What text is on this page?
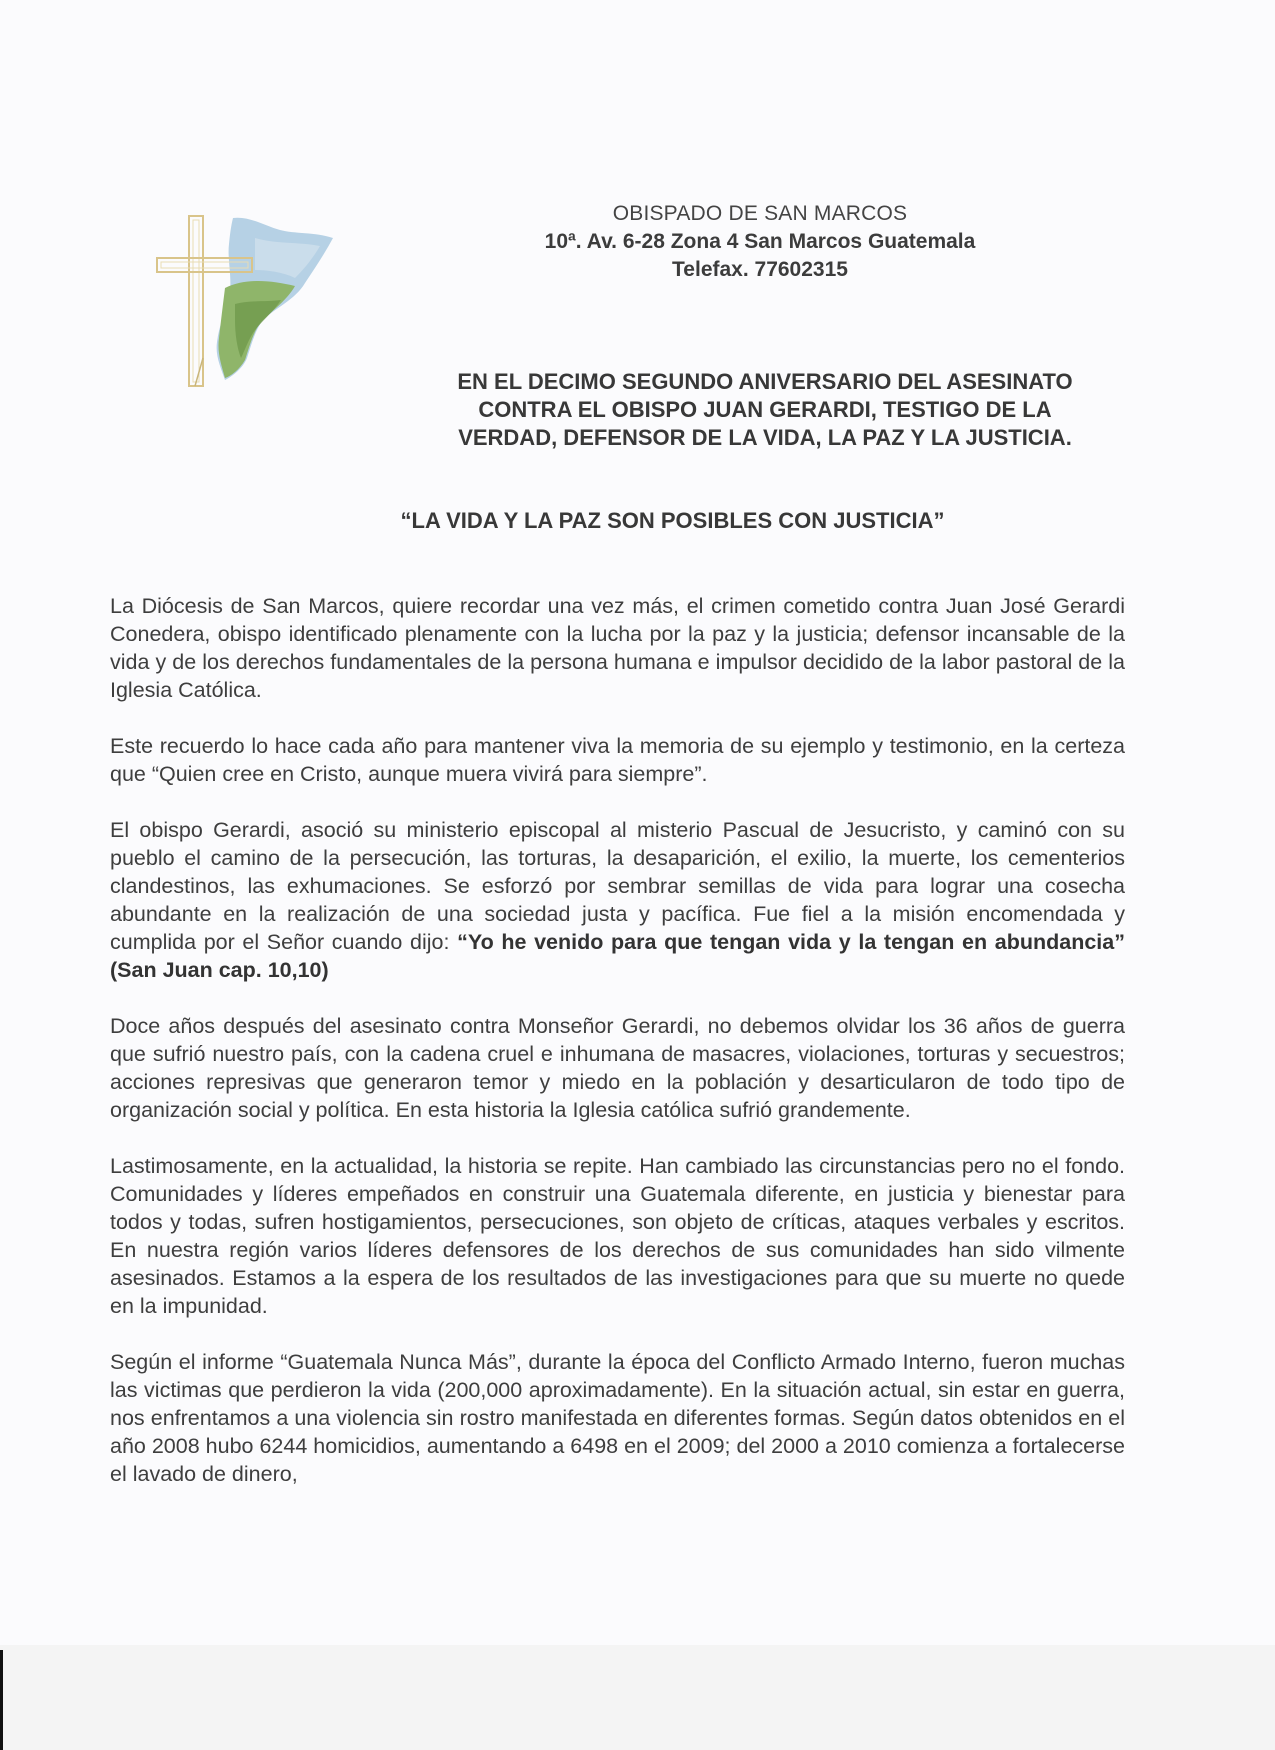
OBISPADO DE SAN MARCOS
10ª. Av. 6-28 Zona 4 San Marcos Guatemala
Telefax. 77602315
EN EL DECIMO SEGUNDO ANIVERSARIO DEL ASESINATO
CONTRA EL OBISPO JUAN GERARDI, TESTIGO DE LA
VERDAD, DEFENSOR DE LA VIDA, LA PAZ Y LA JUSTICIA.
“LA VIDA Y LA PAZ SON POSIBLES CON JUSTICIA”

La Diócesis de San Marcos, quiere recordar una vez más, el crimen cometido contra Juan José Gerardi Conedera, obispo identificado plenamente con la lucha por la paz y la justicia; defensor incansable de la vida y de los derechos fundamentales de la persona humana e impulsor decidido de la labor pastoral de la Iglesia Católica.

Este recuerdo lo hace cada año para mantener viva la memoria de su ejemplo y testimonio, en la certeza que “Quien cree en Cristo, aunque muera vivirá para siempre”.

El obispo Gerardi, asoció su ministerio episcopal al misterio Pascual de Jesucristo, y caminó con su pueblo el camino de la persecución, las torturas, la desaparición, el exilio, la muerte, los cementerios clandestinos, las exhumaciones. Se esforzó por sembrar semillas de vida para lograr una cosecha abundante en la realización de una sociedad justa y pacífica. Fue fiel a la misión encomendada y cumplida por el Señor cuando dijo: “Yo he venido para que tengan vida y la tengan en abundancia” (San Juan cap. 10,10)

Doce años después del asesinato contra Monseñor Gerardi, no debemos olvidar los 36 años de guerra que sufrió nuestro país, con la cadena cruel e inhumana de masacres, violaciones, torturas y secuestros; acciones represivas que generaron temor y miedo en la población y desarticularon de todo tipo de organización social y política. En esta historia la Iglesia católica sufrió grandemente.

Lastimosamente, en la actualidad, la historia se repite. Han cambiado las circunstancias pero no el fondo. Comunidades y líderes empeñados en construir una Guatemala diferente, en justicia y bienestar para todos y todas, sufren hostigamientos, persecuciones, son objeto de críticas, ataques verbales y escritos. En nuestra región varios líderes defensores de los derechos de sus comunidades han sido vilmente asesinados. Estamos a la espera de los resultados de las investigaciones para que su muerte no quede en la impunidad.

Según el informe “Guatemala Nunca Más”, durante la época del Conflicto Armado Interno, fueron muchas las victimas que perdieron la vida (200,000 aproximadamente). En la situación actual, sin estar en guerra, nos enfrentamos a una violencia sin rostro manifestada en diferentes formas. Según datos obtenidos en el año 2008 hubo 6244 homicidios, aumentando a 6498 en el 2009; del 2000 a 2010 comienza a fortalecerse el lavado de dinero,
